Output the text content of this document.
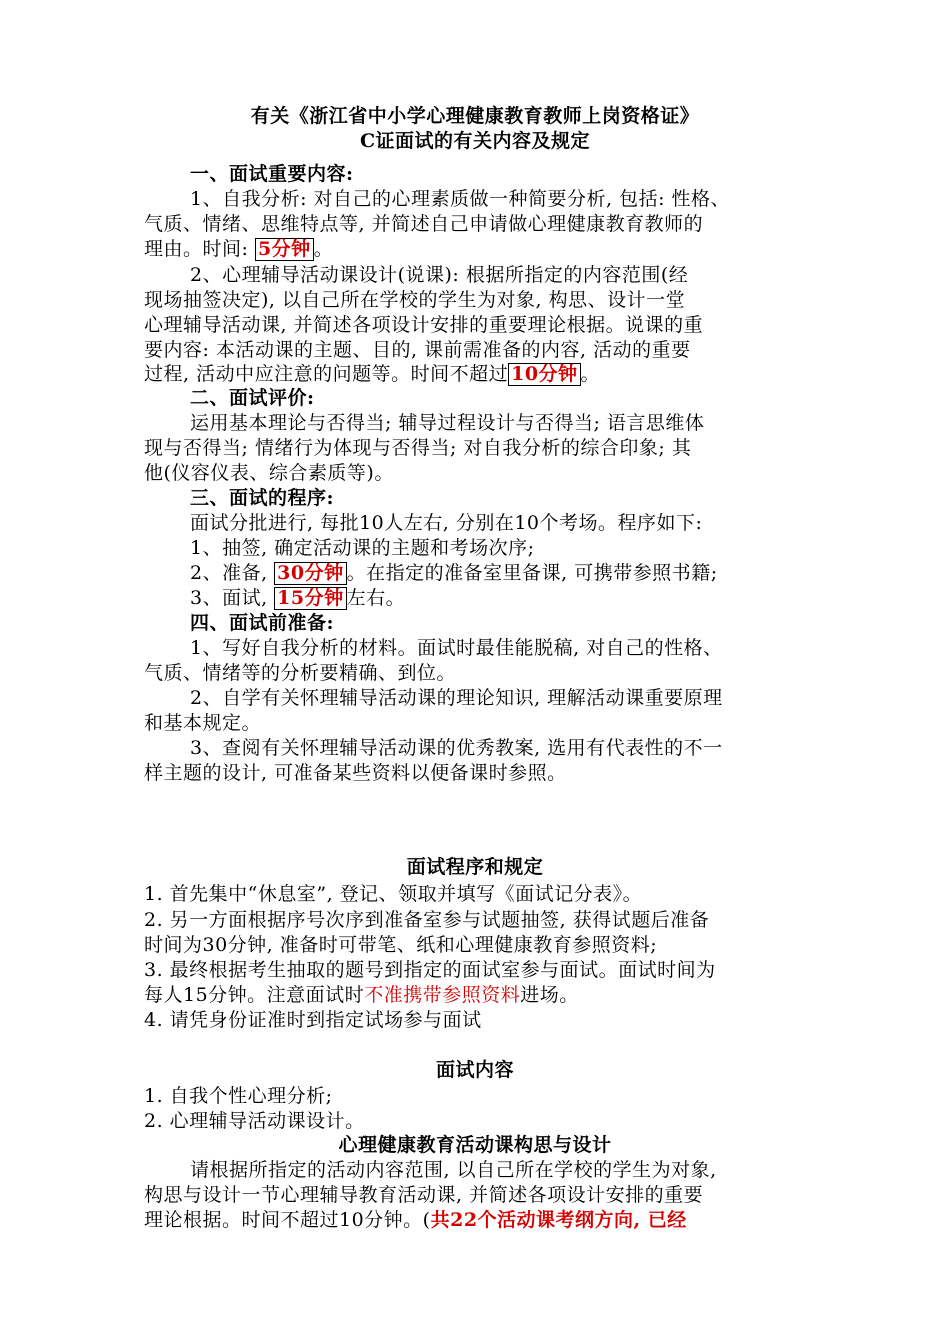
有关《浙江省中小学心理健康教育教师上岗资格证》
C证面试的有关内容及规定
一、面试重要内容:
1、自我分析: 对自己的心理素质做一种简要分析, 包括: 性格、
气质、情绪、思维特点等, 并简述自己申请做心理健康教育教师的
理由。时间: 5分钟 。
2、心理辅导活动课设计(说课): 根据所指定的内容范围(经
现场抽签决定), 以自己所在学校的学生为对象, 构思、设计一堂
心理辅导活动课, 并简述各项设计安排的重要理论根据。说课的重
要内容: 本活动课的主题、目的, 课前需准备的内容, 活动的重要
过程, 活动中应注意的问题等。时间不超过 10分钟 。
二、面试评价:
运用基本理论与否得当; 辅导过程设计与否得当; 语言思维体
现与否得当; 情绪行为体现与否得当; 对自我分析的综合印象; 其
他(仪容仪表、综合素质等)。
三、面试的程序:
面试分批进行, 每批10人左右, 分别在10个考场。程序如下:
1、抽签, 确定活动课的主题和考场次序;
2、准备, 30分钟 。在指定的准备室里备课, 可携带参照书籍;
3、面试, 15分钟 左右。
四、面试前准备:
1、写好自我分析的材料。面试时最佳能脱稿, 对自己的性格、
气质、情绪等的分析要精确、到位。
2、自学有关怀理辅导活动课的理论知识, 理解活动课重要原理
和基本规定。
3、查阅有关怀理辅导活动课的优秀教案, 选用有代表性的不一
样主题的设计, 可准备某些资料以便备课时参照。
面试程序和规定
1. 首先集中“休息室”, 登记、领取并填写《面试记分表》。
2. 另一方面根据序号次序到准备室参与试题抽签, 获得试题后准备
时间为30分钟, 准备时可带笔、纸和心理健康教育参照资料;
3. 最终根据考生抽取的题号到指定的面试室参与面试。面试时间为
每人15分钟。注意面试时不准携带参照资料进场。
4. 请凭身份证准时到指定试场参与面试
面试内容
1. 自我个性心理分析;
2. 心理辅导活动课设计。
心理健康教育活动课构思与设计
请根据所指定的活动内容范围, 以自己所在学校的学生为对象,
构思与设计一节心理辅导教育活动课, 并简述各项设计安排的重要
理论根据。时间不超过10分钟。(共22个活动课考纲方向, 已经
